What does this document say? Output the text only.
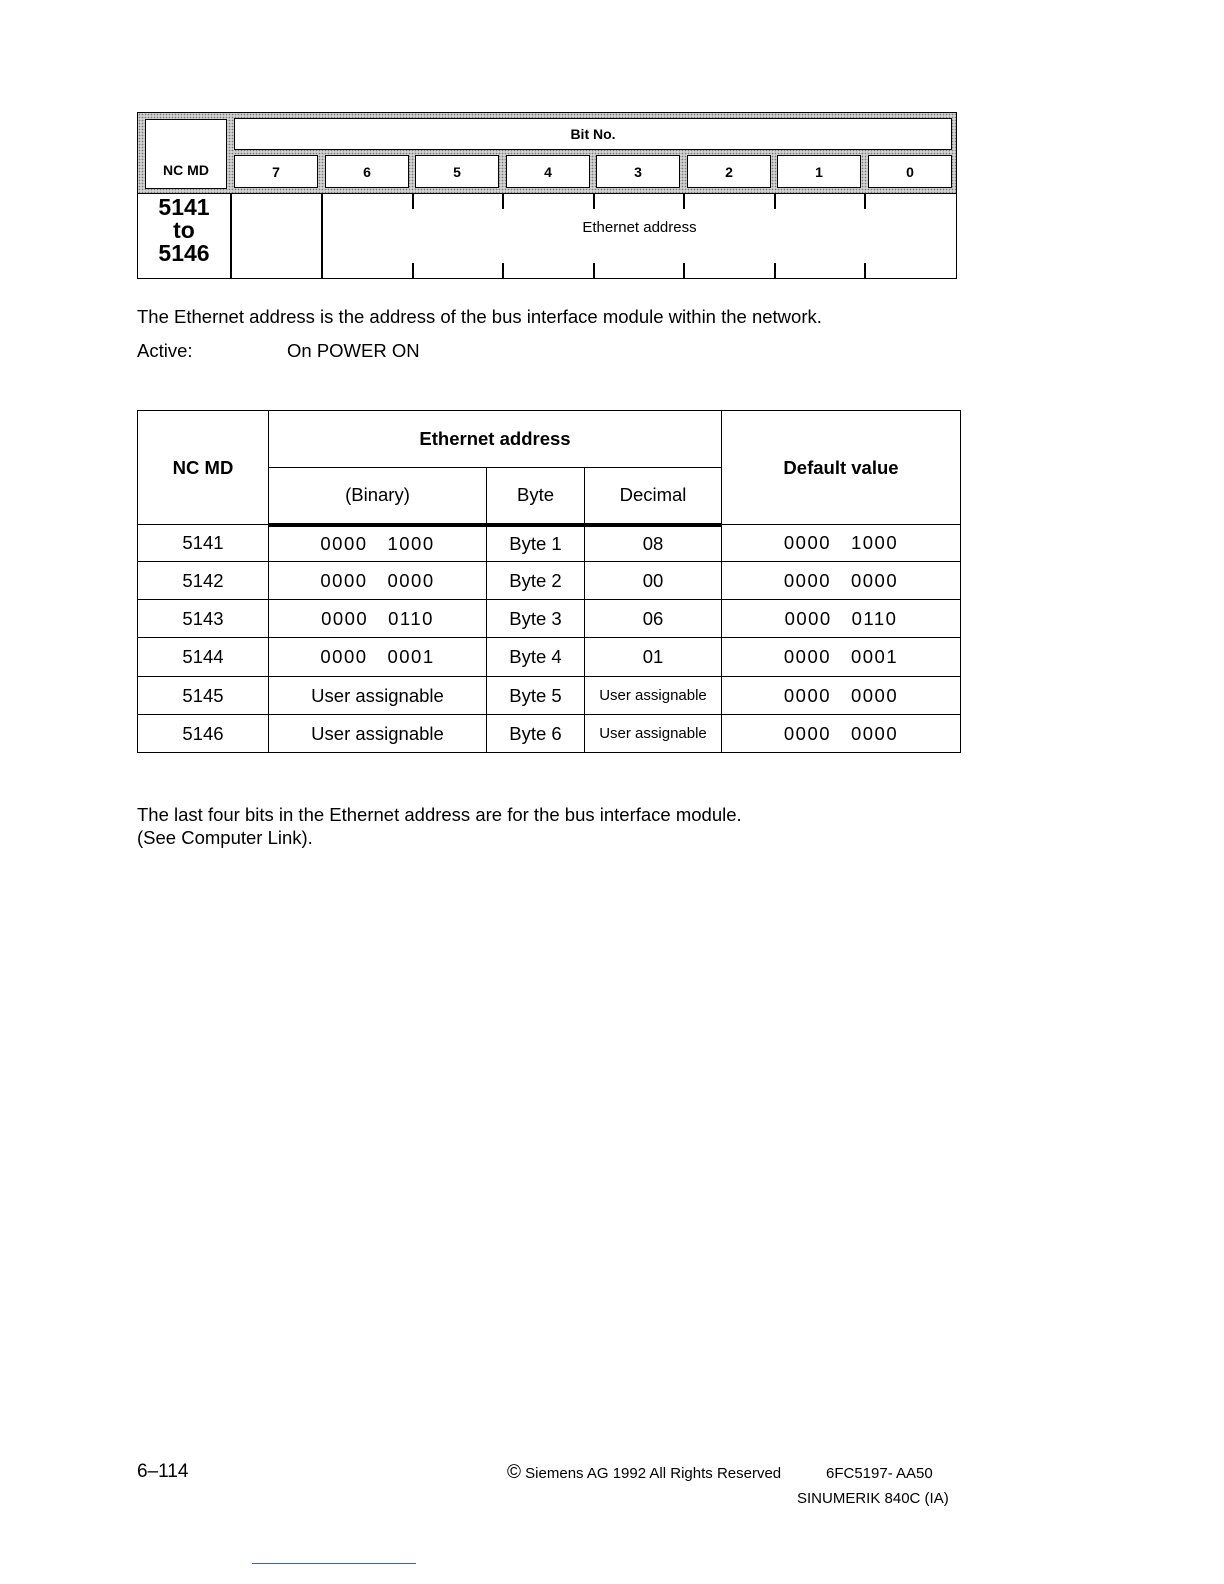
NC MD
Bit No.
7	6	5	4	3	2	1	0
5141
to
5146
Ethernet address
The Ethernet address is the address of the bus interface module within the network.
Active:	On POWER ON
NC MD	Ethernet address			Default value
	(Binary)	Byte	Decimal	
5141	0000   1000	Byte 1	08	0000   1000
5142	0000   0000	Byte 2	00	0000   0000
5143	0000   0110	Byte 3	06	0000   0110
5144	0000   0001	Byte 4	01	0000   0001
5145	User assignable	Byte 5	User assignable	0000   0000
5146	User assignable	Byte 6	User assignable	0000   0000
The last four bits in the Ethernet address are for the bus interface module.
(See Computer Link).
6–114	© Siemens AG 1992 All Rights Reserved	6FC5197- AA50
SINUMERIK 840C (IA)
